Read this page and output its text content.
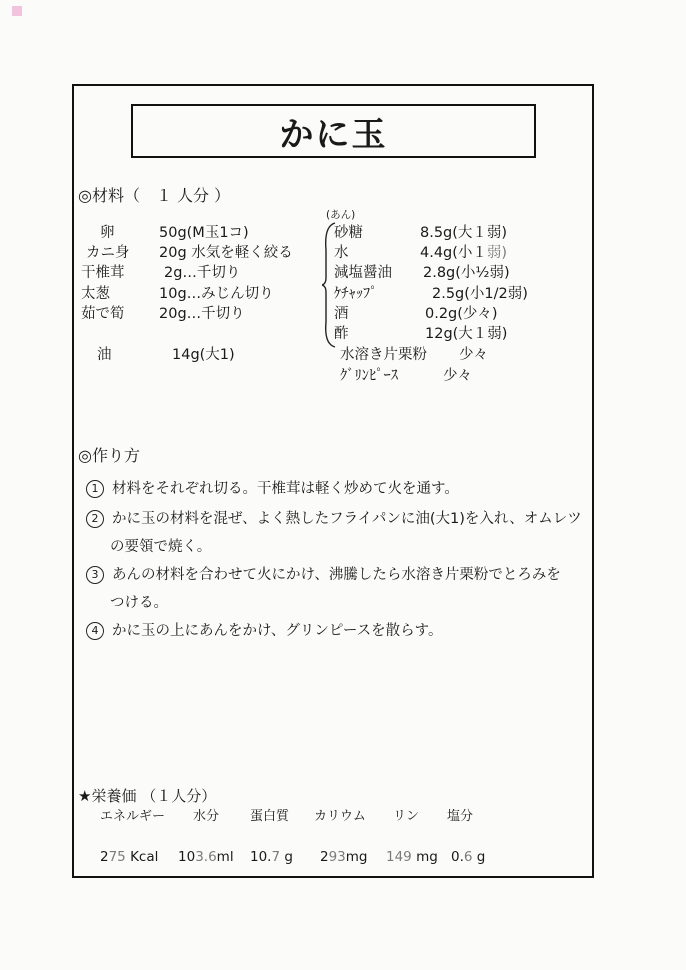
かに玉
◎材料（　１ 人分 ）
卵	50g(M玉1コ)
カニ身 20g 水気を軽く絞る
干椎茸	2g…千切り
太葱	10g…みじん切り
茹で筍 20g…千切り
油	14g(大1)
(あん)
砂糖	8.5g(大１弱)
水	4.4g(小１弱)
減塩醤油 2.8g(小½弱)
ｹﾁｬｯﾌﾟ	2.5g(小1/2弱)
酒	0.2g(少々)
酢	12g(大１弱)
水溶き片栗粉 少々
ｸﾞﾘﾝﾋﾟｰｽ	少々
◎作り方
1 材料をそれぞれ切る。干椎茸は軽く炒めて火を通す。
2 かに玉の材料を混ぜ、よく熱したフライパンに油(大1)を入れ、オムレツ
の要領で焼く。
3 あんの材料を合わせて火にかけ、沸騰したら水溶き片栗粉でとろみを
つける。
4 かに玉の上にあんをかけ、グリンピースを散らす。
★栄養価 （１人分）
エネルギー 水分 蛋白質 カリウム リン 塩分
275 Kcal 103.6ml 10.7 g 293mg 149 mg 0.6 g
